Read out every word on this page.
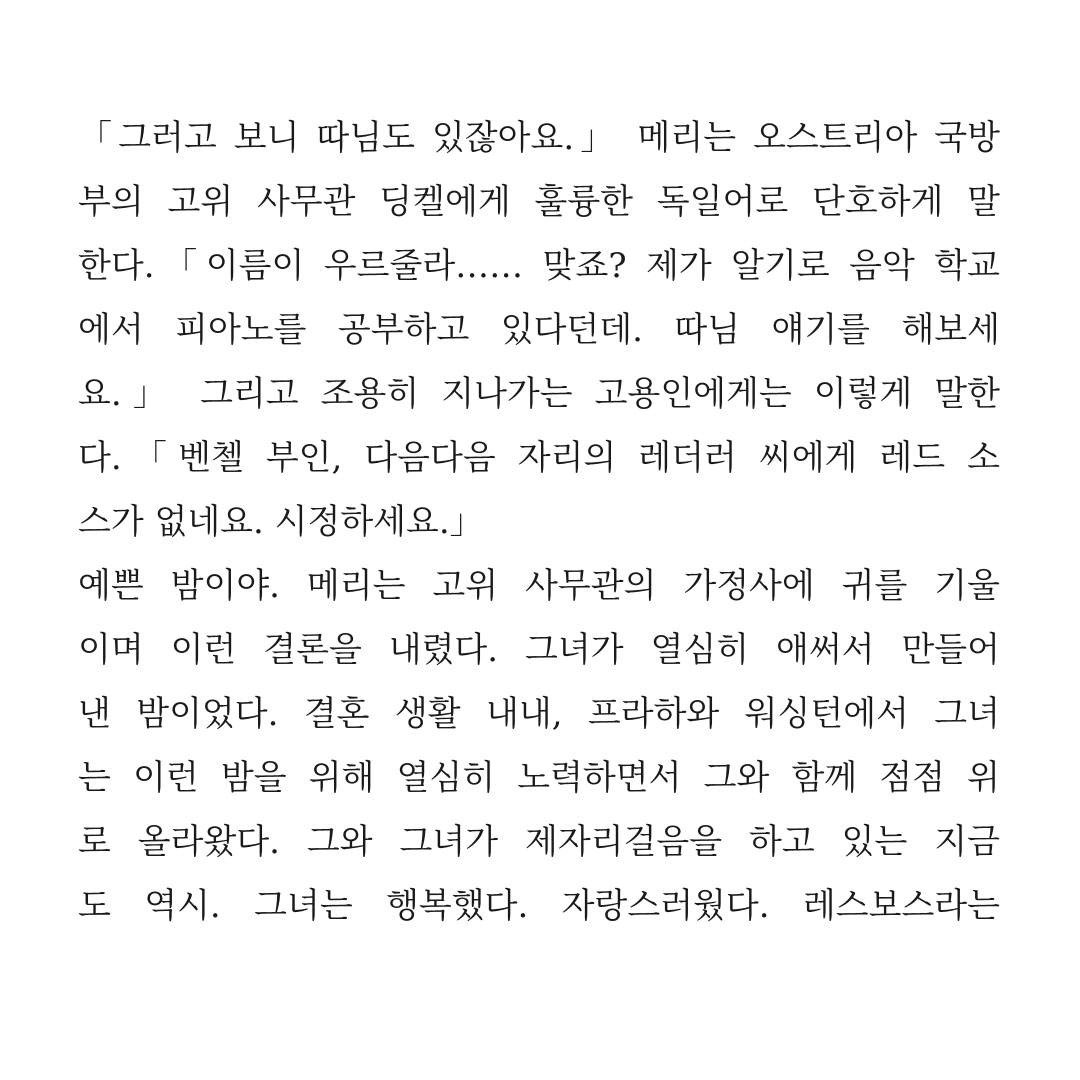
「그러고 보니 따님도 있잖아요.」 메리는 오스트리아 국방
부의 고위 사무관 딩켈에게 훌륭한 독일어로 단호하게 말
한다.「이름이 우르줄라…… 맞죠? 제가 알기로 음악 학교
에서 피아노를 공부하고 있다던데. 따님 얘기를 해보세
요.」 그리고 조용히 지나가는 고용인에게는 이렇게 말한
다.「벤첼 부인, 다음다음 자리의 레더러 씨에게 레드 소
스가 없네요. 시정하세요.」
예쁜 밤이야. 메리는 고위 사무관의 가정사에 귀를 기울
이며 이런 결론을 내렸다. 그녀가 열심히 애써서 만들어
낸 밤이었다. 결혼 생활 내내, 프라하와 워싱턴에서 그녀
는 이런 밤을 위해 열심히 노력하면서 그와 함께 점점 위
로 올라왔다. 그와 그녀가 제자리걸음을 하고 있는 지금
도 역시. 그녀는 행복했다. 자랑스러웠다. 레스보스라는
